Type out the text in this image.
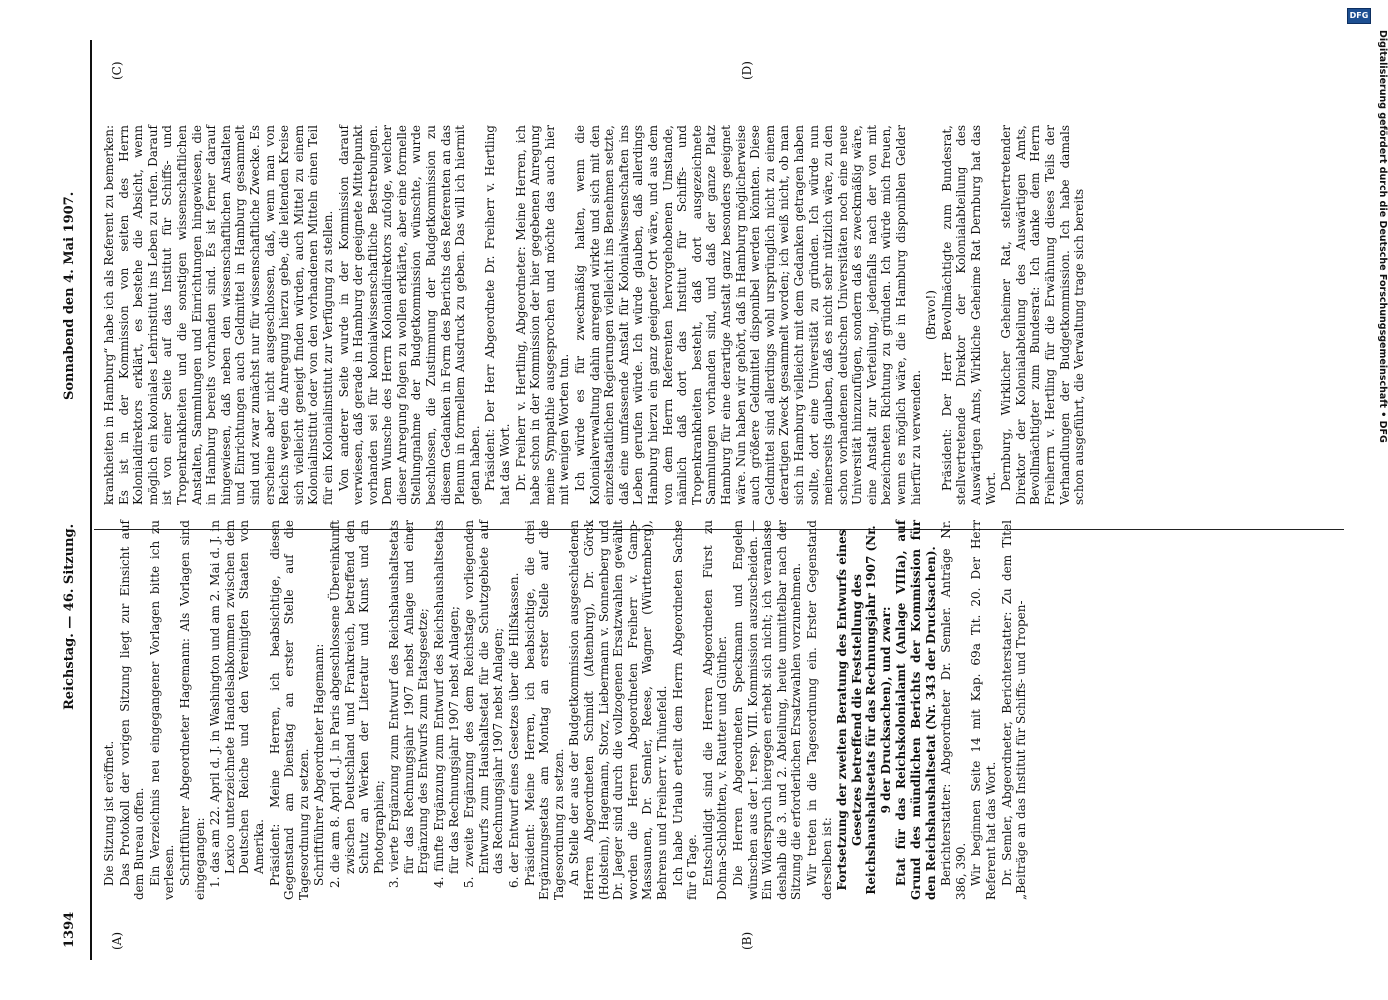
1394
Reichstag. — 46. Sitzung.
Sonnabend den 4. Mai 1907.
(A)	(B)
(C)	(D)

Die Sitzung ist eröffnet. Das Protokoll der vorigen Sitzung liegt zur Einsicht auf dem Bureau offen. Ein Verzeichnis neu eingegangener Vorlagen bitte ich zu verlesen. Schriftführer Abgeordneter Hagemann: Als Vorlagen sind eingegangen: 1. das am 22. April d. J. in Washington und am 2. Mai d. J. in Lexico unterzeichnete Handelsabkommen zwischen dem Deutschen Reiche und den Vereinigten Staaten von Amerika. Präsident: Meine Herren, ich beabsichtige, diesen Gegenstand am Dienstag an erster Stelle auf die Tagesordnung zu setzen. Schriftführer Abgeordneter Hagemann: 2. die am 8. April d. J. in Paris abgeschlossene Übereinkunft zwischen Deutschland und Frankreich, betreffend den Schutz an Werken der Literatur und Kunst und an Photographien; 3. vierte Ergänzung zum Entwurf des Reichshaushaltsetats für das Rechnungsjahr 1907 nebst Anlage und einer Ergänzung des Entwurfs zum Etatsgesetze; 4. fünfte Ergänzung zum Entwurf des Reichshaushaltsetats für das Rechnungsjahr 1907 nebst Anlagen; 5. zweite Ergänzung des dem Reichstage vorliegenden Entwurfs zum Haushaltsetat für die Schutzgebiete auf das Rechnungsjahr 1907 nebst Anlagen; 6. der Entwurf eines Gesetzes über die Hilfskassen. Präsident: Meine Herren, ich beabsichtige, die drei Ergänzungsetats am Montag an erster Stelle auf die Tagesordnung zu setzen. An Stelle der aus der Budgetkommission ausgeschiedenen Herren Abgeordneten Schmidt (Altenburg), Dr. Görck (Holstein), Hagemann, Storz, Liebermann v. Sonnenberg und Dr. Jaeger sind durch die vollzogenen Ersatzwahlen gewählt worden die Herren Abgeordneten Freiherr v. Gamp-Massaunen, Dr. Semler, Reese, Wagner (Württemberg), Behrens und Freiherr v. Thünefeld. Ich habe Urlaub erteilt dem Herrn Abgeordneten Sachse für 6 Tage. Entschuldigt sind die Herren Abgeordneten Fürst zu Dohna-Schlobitten, v. Rautter und Günther. Die Herren Abgeordneten Speckmann und Engelen wünschen aus der I. resp. VIII. Kommission auszuscheiden. — Ein Widerspruch hiergegen erhebt sich nicht; ich veranlasse deshalb die 3. und 2. Abteilung, heute unmittelbar nach der Sitzung die erforderlichen Ersatzwahlen vorzunehmen. Wir treten in die Tagesordnung ein. Erster Gegenstand derselben ist: Fortsetzung der zweiten Beratung des Entwurfs eines Gesetzes betreffend die Feststellung des Reichshaushaltsetats für das Rechnungsjahr 1907 (Nr. 9 der Drucksachen), und zwar: Etat für das Reichskolonialamt (Anlage VIIIa), auf Grund des mündlichen Berichts der Kommission für den Reichshaushaltsetat (Nr. 343 der Drucksachen). Berichterstatter: Abgeordneter Dr. Semler. Anträge Nr. 386, 390. Wir beginnen Seite 14 mit Kap. 69a Tit. 20. Der Herr Referent hat das Wort. Dr. Semler, Abgeordneter, Berichterstatter: Zu dem Titel „Beiträge an das Institut für Schiffs- und Tropen-

krankheiten in Hamburg“ habe ich als Referent zu bemerken: Es ist in der Kommission von seiten des Herrn Kolonialdirektors erklärt, es bestehe die Absicht, wenn möglich ein koloniales Lehrinstitut ins Leben zu rufen. Darauf ist von einer Seite auf das Institut für Schiffs- und Tropenkrankheiten und die sonstigen wissenschaftlichen Anstalten, Sammlungen und Einrichtungen hingewiesen, die in Hamburg bereits vorhanden sind. Es ist ferner darauf hingewiesen, daß neben den wissenschaftlichen Anstalten und Einrichtungen auch Geldmittel in Hamburg gesammelt sind und zwar zunächst nur für wissenschaftliche Zwecke. Es erscheine aber nicht ausgeschlossen, daß, wenn man von Reichs wegen die Anregung hierzu gebe, die leitenden Kreise sich vielleicht geneigt finden würden, auch Mittel zu einem Kolonialinstitut oder von den vorhandenen Mitteln einen Teil für ein Kolonialinstitut zur Verfügung zu stellen. Von anderer Seite wurde in der Kommission darauf verwiesen, daß gerade in Hamburg der geeignete Mittelpunkt vorhanden sei für kolonialwissenschaftliche Bestrebungen. Dem Wunsche des Herrn Kolonialdirektors zufolge, welcher dieser Anregung folgen zu wollen erklärte, aber eine formelle Stellungnahme der Budgetkommission wünschte, wurde beschlossen, die Zustimmung der Budgetkommission zu diesem Gedanken in Form des Berichts des Referenten an das Plenum in formellem Ausdruck zu geben. Das will ich hiermit getan haben. Präsident: Der Herr Abgeordnete Dr. Freiherr v. Hertling hat das Wort. Dr. Freiherr v. Hertling, Abgeordneter: Meine Herren, ich habe schon in der Kommission der hier gegebenen Anregung meine Sympathie ausgesprochen und möchte das auch hier mit wenigen Worten tun. Ich würde es für zweckmäßig halten, wenn die Kolonialverwaltung dahin anregend wirkte und sich mit den einzelstaatlichen Regierungen vielleicht ins Benehmen setzte, daß eine umfassende Anstalt für Kolonialwissenschaften ins Leben gerufen würde. Ich würde glauben, daß allerdings Hamburg hierzu ein ganz geeigneter Ort wäre, und aus dem von dem Herrn Referenten hervorgehobenen Umstande, nämlich daß dort das Institut für Schiffs- und Tropenkrankheiten besteht, daß dort ausgezeichnete Sammlungen vorhanden sind, und daß der ganze Platz Hamburg für eine derartige Anstalt ganz besonders geeignet wäre. Nun haben wir gehört, daß in Hamburg möglicherweise auch größere Geldmittel disponibel werden könnten. Diese Geldmittel sind allerdings wohl ursprünglich nicht zu einem derartigen Zweck gesammelt worden; ich weiß nicht, ob man sich in Hamburg vielleicht mit dem Gedanken getragen haben sollte, dort eine Universität zu gründen. Ich würde nun meinerseits glauben, daß es nicht sehr nützlich wäre, zu den schon vorhandenen deutschen Universitäten noch eine neue Universität hinzuzufügen, sondern daß es zweckmäßig wäre, eine Anstalt zur Verteilung, jedenfalls nach der von mit bezeichneten Richtung zu gründen. Ich würde mich freuen, wenn es möglich wäre, die in Hamburg disponiblen Gelder hierfür zu verwenden.

(Bravo!) Präsident: Der Herr Bevollmächtigte zum Bundesrat, stellvertretende Direktor der Kolonialabteilung des Auswärtigen Amts, Wirkliche Geheime Rat Dernburg hat das Wort. Dernburg, Wirklicher Geheimer Rat, stellvertretender Direktor der Kolonialabteilung des Auswärtigen Amts, Bevollmächtigter zum Bundesrat: Ich danke dem Herrn Freiherrn v. Hertling für die Erwähnung dieses Teils der Verhandlungen der Budgetkommission. Ich habe damals schon ausgeführt, die Verwaltung trage sich bereits

DFG
Digitalisierung gefördert durch die Deutsche Forschungsgemeinschaft • DFG
